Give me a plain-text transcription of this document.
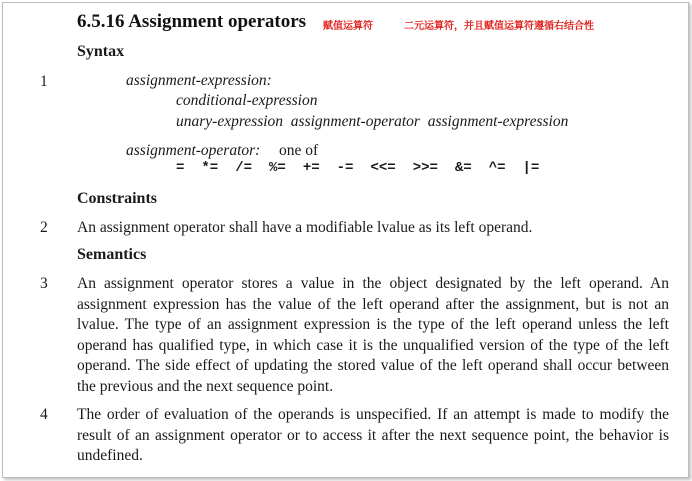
6.5.16 Assignment operators 赋值运算符	二元运算符，并且赋值运算符遵循右结合性
Syntax
1	assignment-expression:
conditional-expression
unary-expression  assignment-operator  assignment-expression
assignment-operator: one of
= *= /= %= += -= <<= >>= &= ^= |=
Constraints
2 An assignment operator shall have a modifiable lvalue as its left operand.
Semantics
3 An assignment operator stores a value in the object designated by the left operand. An assignment expression has the value of the left operand after the assignment, but is not an lvalue. The type of an assignment expression is the type of the left operand unless the left operand has qualified type, in which case it is the unqualified version of the type of the left operand. The side effect of updating the stored value of the left operand shall occur between the previous and the next sequence point.
4 The order of evaluation of the operands is unspecified. If an attempt is made to modify the result of an assignment operator or to access it after the next sequence point, the behavior is undefined.
